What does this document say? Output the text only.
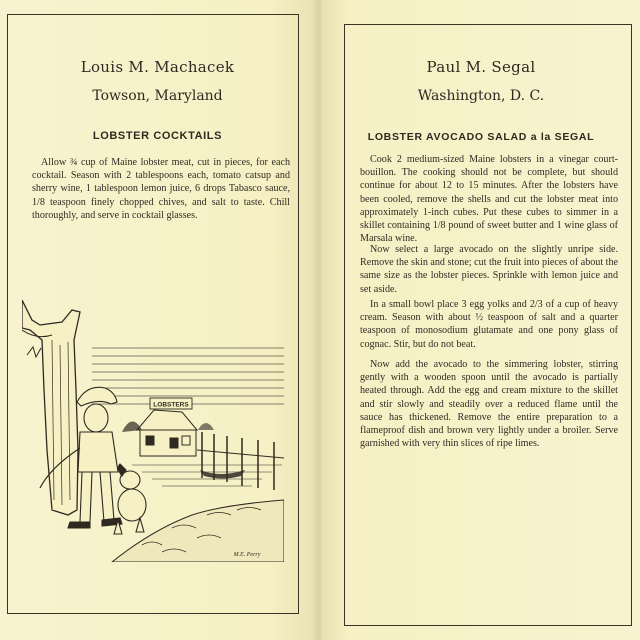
Louis M. Machacek
Towson, Maryland
LOBSTER COCKTAILS
Allow ¾ cup of Maine lobster meat, cut in pieces, for each cocktail. Season with 2 tablespoons each, tomato catsup and sherry wine, 1 tablespoon lemon juice, 6 drops Tabasco sauce, 1/8 teaspoon finely chopped chives, and salt to taste. Chill thoroughly, and serve in cocktail glasses.
LOBSTERS
M.E. Perry
Paul M. Segal
Washington, D. C.
LOBSTER AVOCADO SALAD a la SEGAL
Cook 2 medium-sized Maine lobsters in a vinegar court-bouillon. The cooking should not be complete, but should continue for about 12 to 15 minutes. After the lobsters have been cooled, remove the shells and cut the lobster meat into approximately 1-inch cubes. Put these cubes to simmer in a skillet containing 1/8 pound of sweet butter and 1 wine glass of Marsala wine.
Now select a large avocado on the slightly unripe side. Remove the skin and stone; cut the fruit into pieces of about the same size as the lobster pieces. Sprinkle with lemon juice and set aside.
In a small bowl place 3 egg yolks and 2/3 of a cup of heavy cream. Season with about ½ teaspoon of salt and a quarter teaspoon of monosodium glutamate and one pony glass of cognac. Stir, but do not beat.
Now add the avocado to the simmering lobster, stirring gently with a wooden spoon until the avocado is partially heated through. Add the egg and cream mixture to the skillet and stir slowly and steadily over a reduced flame until the sauce has thickened. Remove the entire preparation to a flameproof dish and brown very lightly under a broiler. Serve garnished with very thin slices of ripe limes.
